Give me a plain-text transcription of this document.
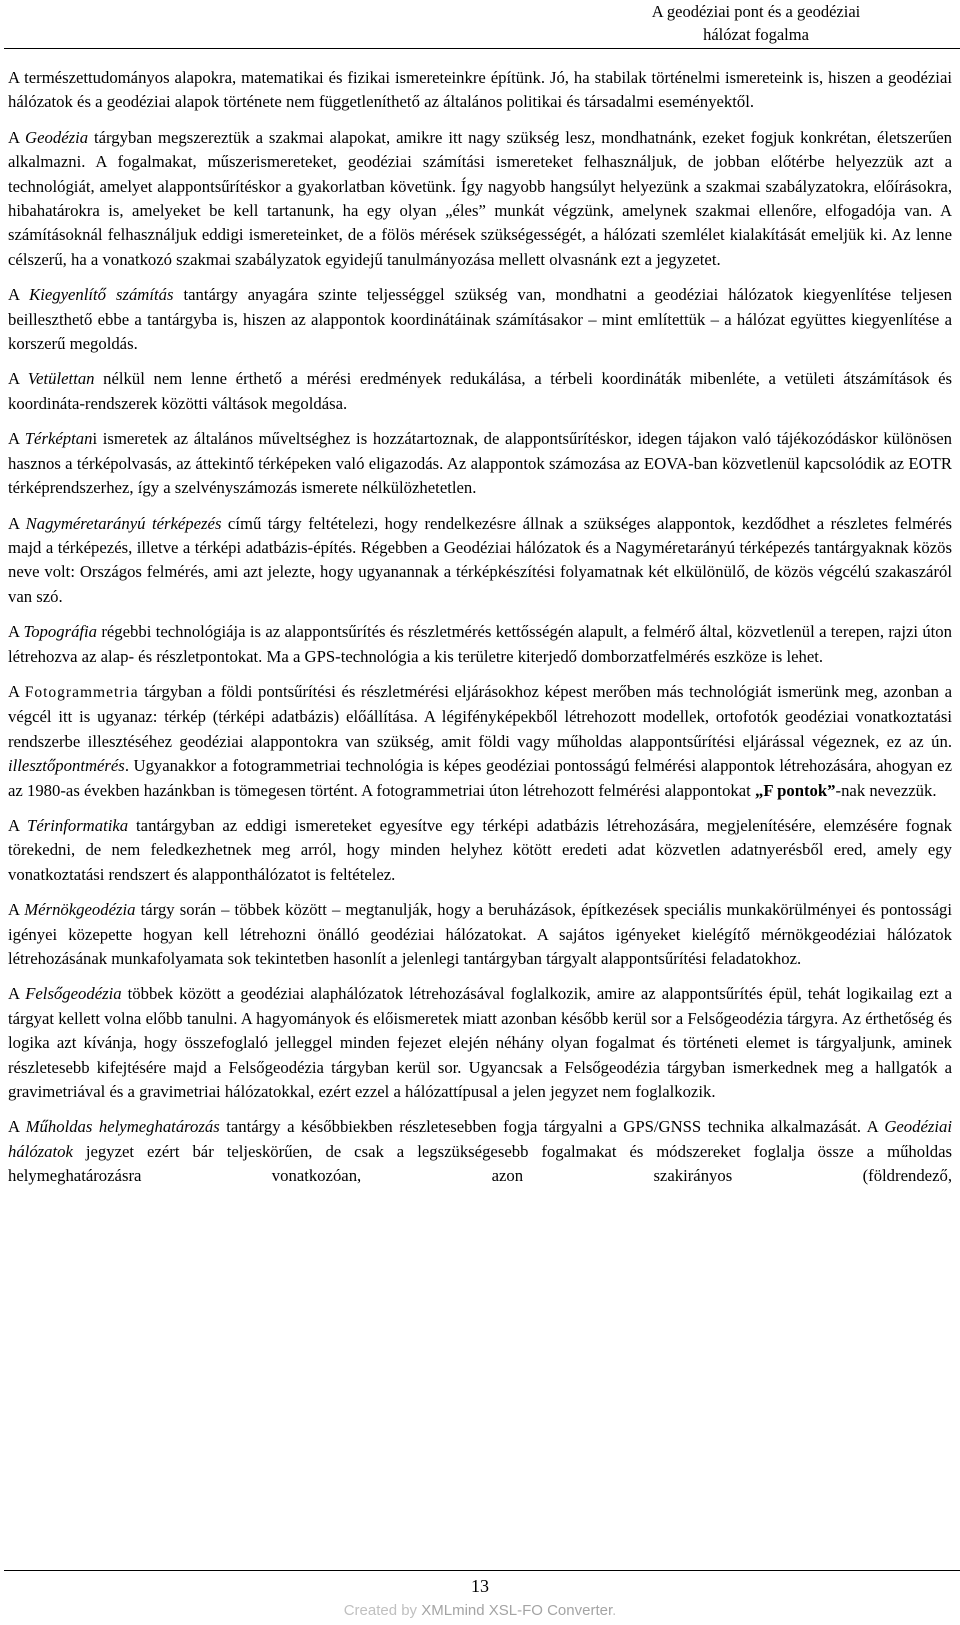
A geodéziai pont és a geodéziai
hálózat fogalma

A természettudományos alapokra, matematikai és fizikai ismereteinkre építünk. Jó, ha stabilak történelmi ismereteink is, hiszen a geodéziai hálózatok és a geodéziai alapok története nem függetleníthető az általános politikai és társadalmi eseményektől.

A Geodézia tárgyban megszereztük a szakmai alapokat, amikre itt nagy szükség lesz, mondhatnánk, ezeket fogjuk konkrétan, életszerűen alkalmazni. A fogalmakat, műszerismereteket, geodéziai számítási ismereteket felhasználjuk, de jobban előtérbe helyezzük azt a technológiát, amelyet alappontsűrítéskor a gyakorlatban követünk. Így nagyobb hangsúlyt helyezünk a szakmai szabályzatokra, előírásokra, hibahatárokra is, amelyeket be kell tartanunk, ha egy olyan „éles” munkát végzünk, amelynek szakmai ellenőre, elfogadója van. A számításoknál felhasználjuk eddigi ismereteinket, de a fölös mérések szükségességét, a hálózati szemlélet kialakítását emeljük ki. Az lenne célszerű, ha a vonatkozó szakmai szabályzatok egyidejű tanulmányozása mellett olvasnánk ezt a jegyzetet.

A Kiegyenlítő számítás tantárgy anyagára szinte teljességgel szükség van, mondhatni a geodéziai hálózatok kiegyenlítése teljesen beilleszthető ebbe a tantárgyba is, hiszen az alappontok koordinátáinak számításakor – mint említettük – a hálózat együttes kiegyenlítése a korszerű megoldás.

A Vetülettan nélkül nem lenne érthető a mérési eredmények redukálása, a térbeli koordináták mibenléte, a vetületi átszámítások és koordináta-rendszerek közötti váltások megoldása.

A Térképtani ismeretek az általános műveltséghez is hozzátartoznak, de alappontsűrítéskor, idegen tájakon való tájékozódáskor különösen hasznos a térképolvasás, az áttekintő térképeken való eligazodás. Az alappontok számozása az EOVA-ban közvetlenül kapcsolódik az EOTR térképrendszerhez, így a szelvényszámozás ismerete nélkülözhetetlen.

A Nagyméretarányú térképezés című tárgy feltételezi, hogy rendelkezésre állnak a szükséges alappontok, kezdődhet a részletes felmérés majd a térképezés, illetve a térképi adatbázis-építés. Régebben a Geodéziai hálózatok és a Nagyméretarányú térképezés tantárgyaknak közös neve volt: Országos felmérés, ami azt jelezte, hogy ugyanannak a térképkészítési folyamatnak két elkülönülő, de közös végcélú szakaszáról van szó.

A Topográfia régebbi technológiája is az alappontsűrítés és részletmérés kettősségén alapult, a felmérő által, közvetlenül a terepen, rajzi úton létrehozva az alap- és részletpontokat. Ma a GPS-technológia a kis területre kiterjedő domborzatfelmérés eszköze is lehet.

A Fotogrammetria tárgyban a földi pontsűrítési és részletmérési eljárásokhoz képest merőben más technológiát ismerünk meg, azonban a végcél itt is ugyanaz: térkép (térképi adatbázis) előállítása. A légifényképekből létrehozott modellek, ortofotók geodéziai vonatkoztatási rendszerbe illesztéséhez geodéziai alappontokra van szükség, amit földi vagy műholdas alappontsűrítési eljárással végeznek, ez az ún. illesztőpontmérés. Ugyanakkor a fotogrammetriai technológia is képes geodéziai pontosságú felmérési alappontok létrehozására, ahogyan ez az 1980-as években hazánkban is tömegesen történt. A fotogrammetriai úton létrehozott felmérési alappontokat „F pontok”-nak nevezzük.

A Térinformatika tantárgyban az eddigi ismereteket egyesítve egy térképi adatbázis létrehozására, megjelenítésére, elemzésére fognak törekedni, de nem feledkezhetnek meg arról, hogy minden helyhez kötött eredeti adat közvetlen adatnyerésből ered, amely egy vonatkoztatási rendszert és alapponthálózatot is feltételez.

A Mérnökgeodézia tárgy során – többek között – megtanulják, hogy a beruházások, építkezések speciális munkakörülményei és pontossági igényei közepette hogyan kell létrehozni önálló geodéziai hálózatokat. A sajátos igényeket kielégítő mérnökgeodéziai hálózatok létrehozásának munkafolyamata sok tekintetben hasonlít a jelenlegi tantárgyban tárgyalt alappontsűrítési feladatokhoz.

A Felsőgeodézia többek között a geodéziai alaphálózatok létrehozásával foglalkozik, amire az alappontsűrítés épül, tehát logikailag ezt a tárgyat kellett volna előbb tanulni. A hagyományok és előismeretek miatt azonban később kerül sor a Felsőgeodézia tárgyra. Az érthetőség és logika azt kívánja, hogy összefoglaló jelleggel minden fejezet elején néhány olyan fogalmat és történeti elemet is tárgyaljunk, aminek részletesebb kifejtésére majd a Felsőgeodézia tárgyban kerül sor. Ugyancsak a Felsőgeodézia tárgyban ismerkednek meg a hallgatók a gravimetriával és a gravimetriai hálózatokkal, ezért ezzel a hálózattípusal a jelen jegyzet nem foglalkozik.

A Műholdas helymeghatározás tantárgy a későbbiekben részletesebben fogja tárgyalni a GPS/GNSS technika alkalmazását. A Geodéziai hálózatok jegyzet ezért bár teljeskörűen, de csak a legszükségesebb fogalmakat és módszereket foglalja össze a műholdas helymeghatározásra vonatkozóan, azon szakirányos (földrendező,

13
Created by XMLmind XSL-FO Converter.
